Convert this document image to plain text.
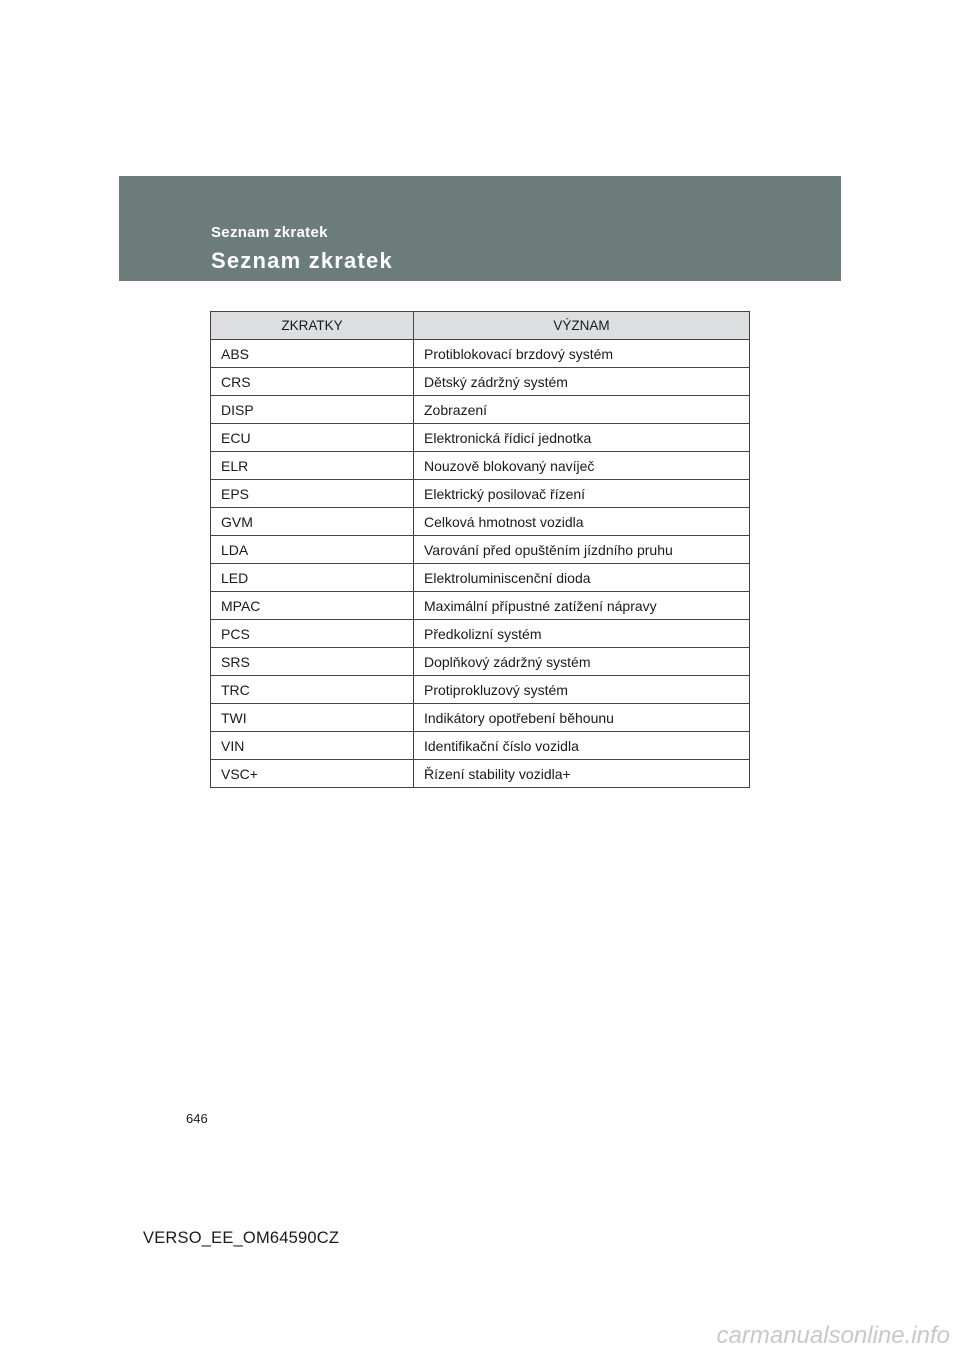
Seznam zkratek
Seznam zkratek
ZKRATKY	VÝZNAM
ABS	Protiblokovací brzdový systém
CRS	Dětský zádržný systém
DISP	Zobrazení
ECU	Elektronická řídicí jednotka
ELR	Nouzově blokovaný navíječ
EPS	Elektrický posilovač řízení
GVM	Celková hmotnost vozidla
LDA	Varování před opuštěním jízdního pruhu
LED	Elektroluminiscenční dioda
MPAC	Maximální přípustné zatížení nápravy
PCS	Předkolizní systém
SRS	Doplňkový zádržný systém
TRC	Protiprokluzový systém
TWI	Indikátory opotřebení běhounu
VIN	Identifikační číslo vozidla
VSC+	Řízení stability vozidla+
646
VERSO_EE_OM64590CZ
carmanualsonline.info
